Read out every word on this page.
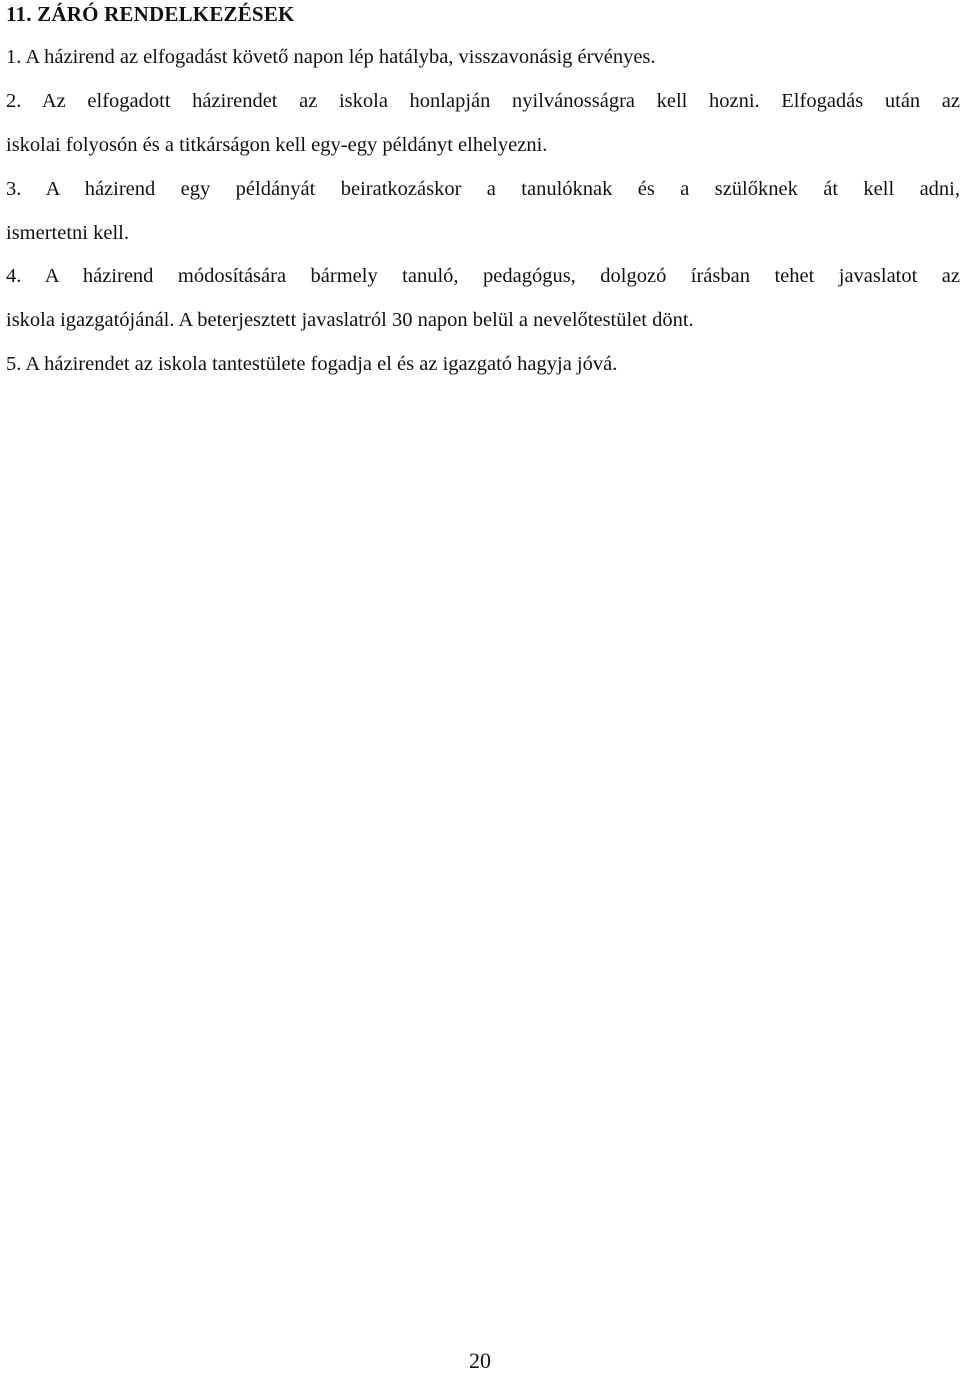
11. ZÁRÓ RENDELKEZÉSEK
1. A házirend az elfogadást követő napon lép hatályba, visszavonásig érvényes.
2. Az elfogadott házirendet az iskola honlapján nyilvánosságra kell hozni. Elfogadás után az
iskolai folyosón és a titkárságon kell egy-egy példányt elhelyezni.
3. A házirend egy példányát beiratkozáskor a tanulóknak és a szülőknek át kell adni,
ismertetni kell.
4. A házirend módosítására bármely tanuló, pedagógus, dolgozó írásban tehet javaslatot az
iskola igazgatójánál. A beterjesztett javaslatról 30 napon belül a nevelőtestület dönt.
5. A házirendet az iskola tantestülete fogadja el és az igazgató hagyja jóvá.
20
